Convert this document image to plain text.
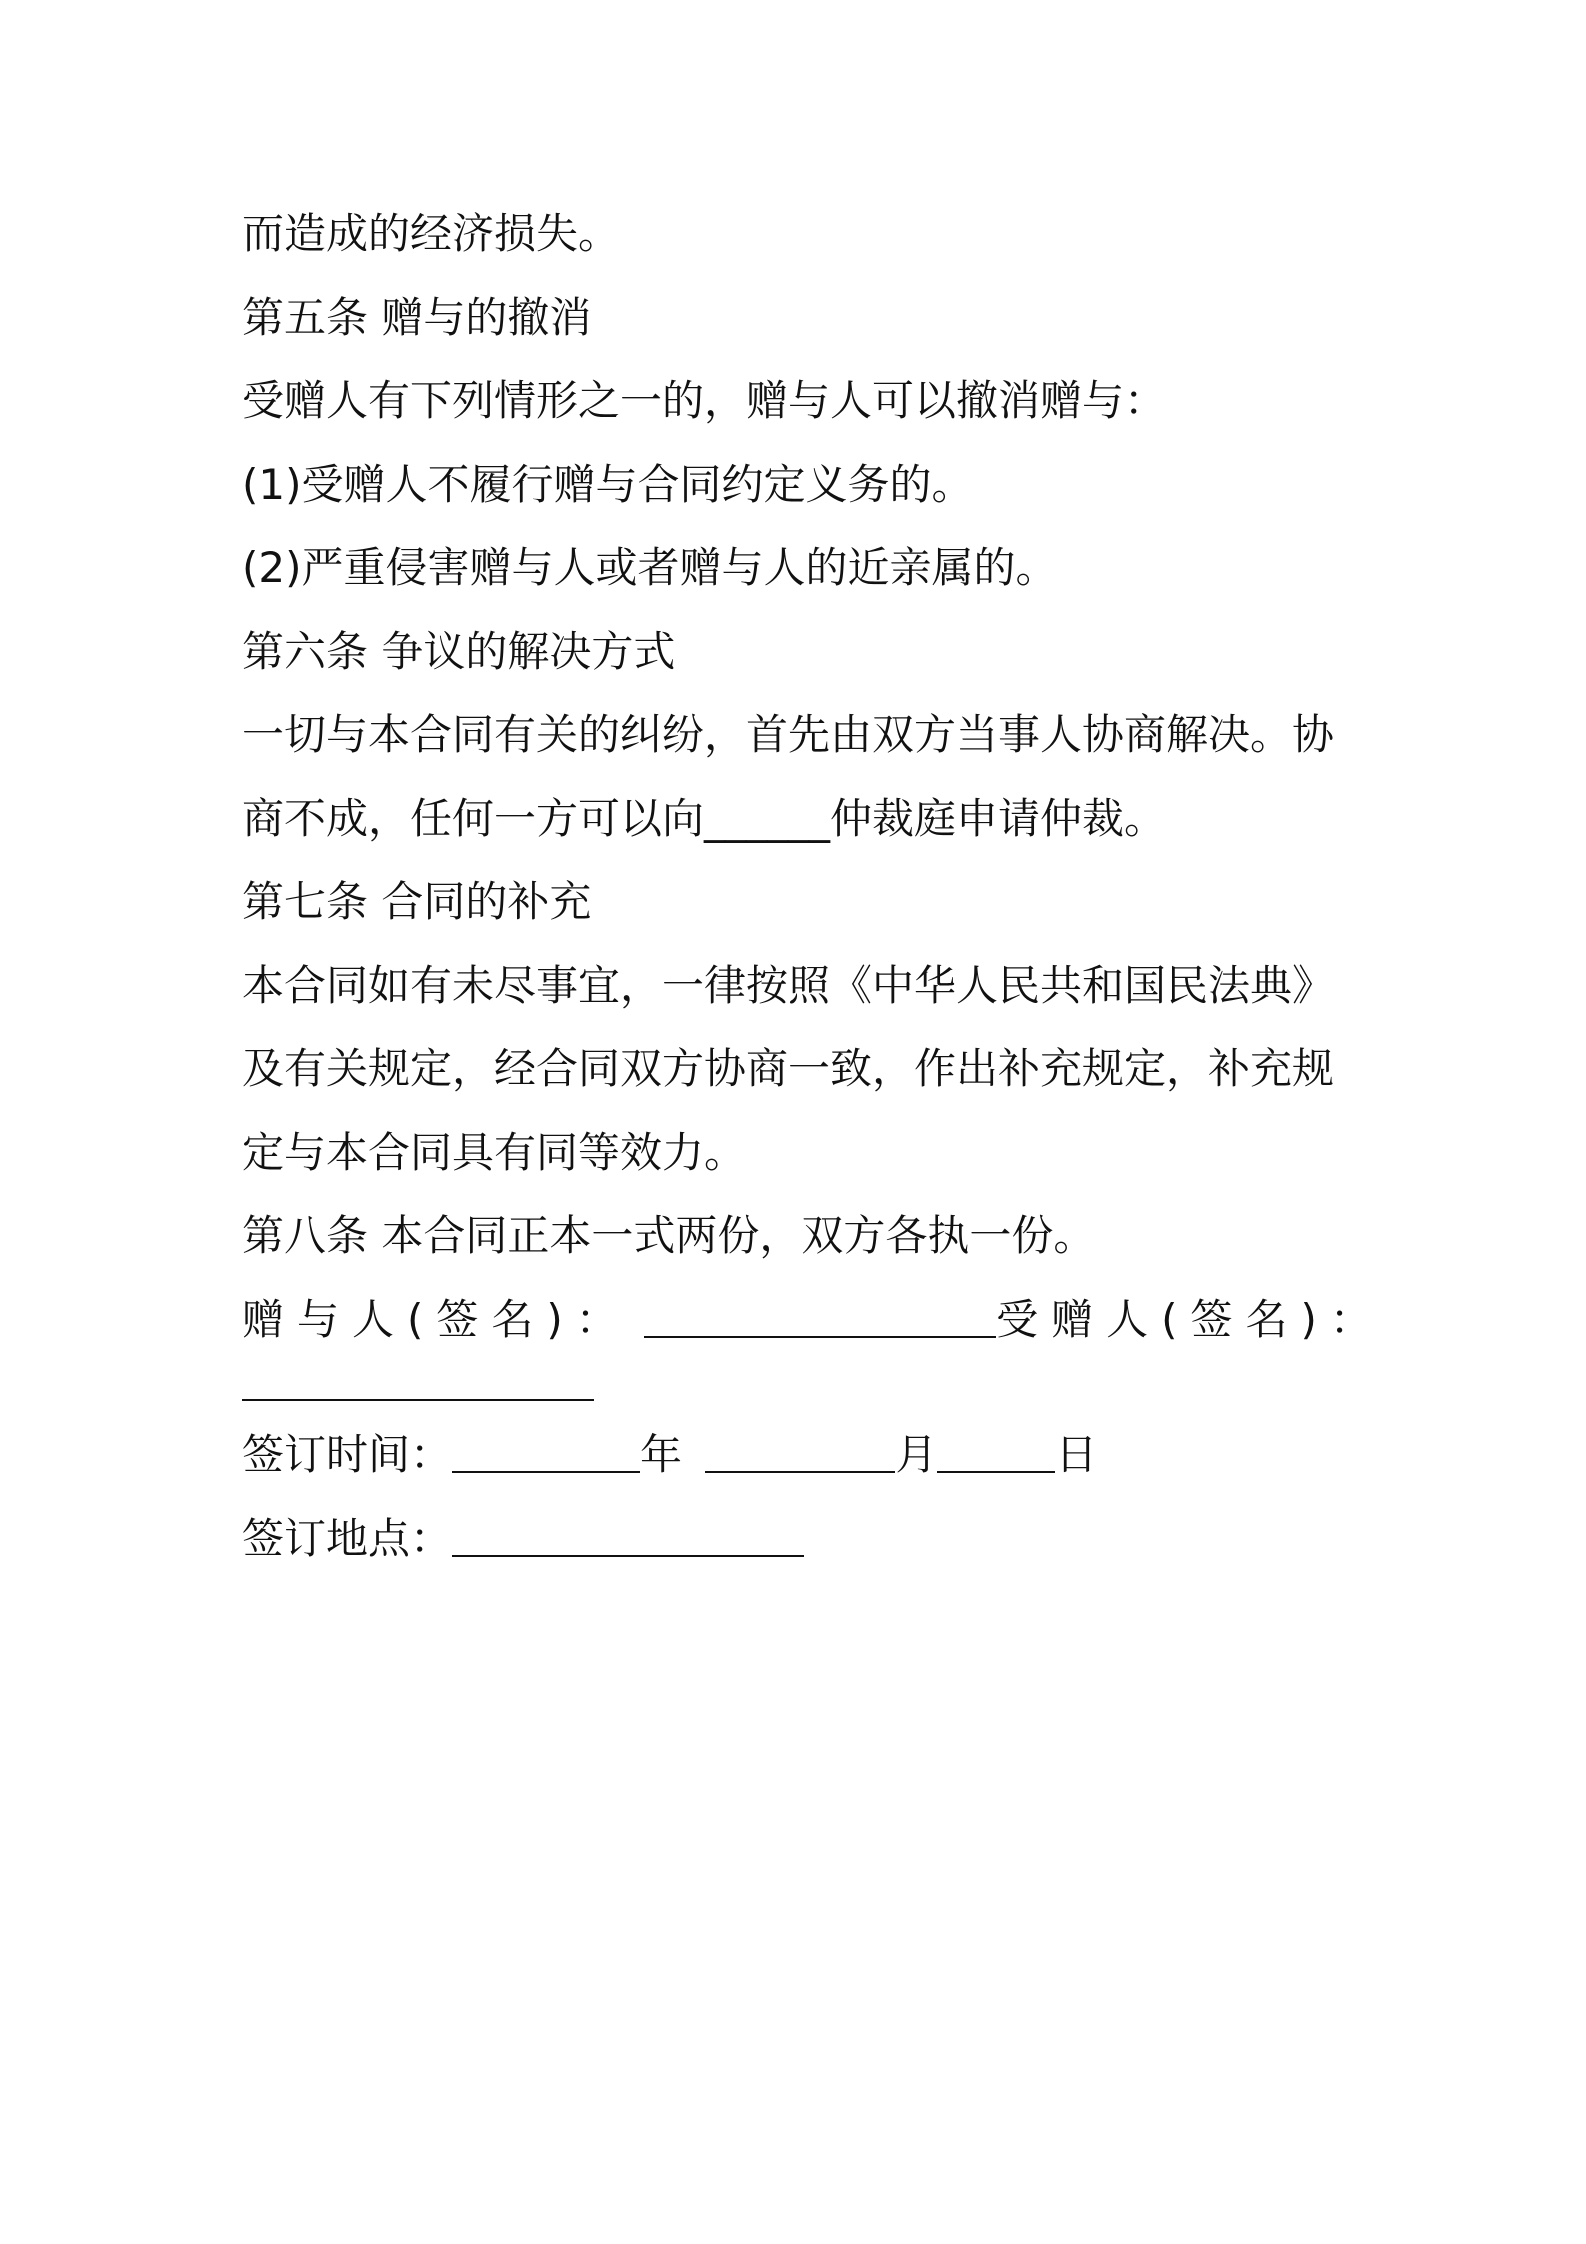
而造成的经济损失。
第五条 赠与的撤消
受赠人有下列情形之一的，赠与人可以撤消赠与：
(1)受赠人不履行赠与合同约定义务的。
(2)严重侵害赠与人或者赠与人的近亲属的。
第六条 争议的解决方式
一切与本合同有关的纠纷，首先由双方当事人协商解决。协
商不成，任何一方可以向______仲裁庭申请仲裁。
第七条 合同的补充
本合同如有未尽事宜，一律按照《中华人民共和国民法典》
及有关规定，经合同双方协商一致，作出补充规定，补充规
定与本合同具有同等效力。
第八条 本合同正本一式两份，双方各执一份。
赠与人(签名)：	受赠人(签名)：
签订时间：	年	月	日
签订地点：
